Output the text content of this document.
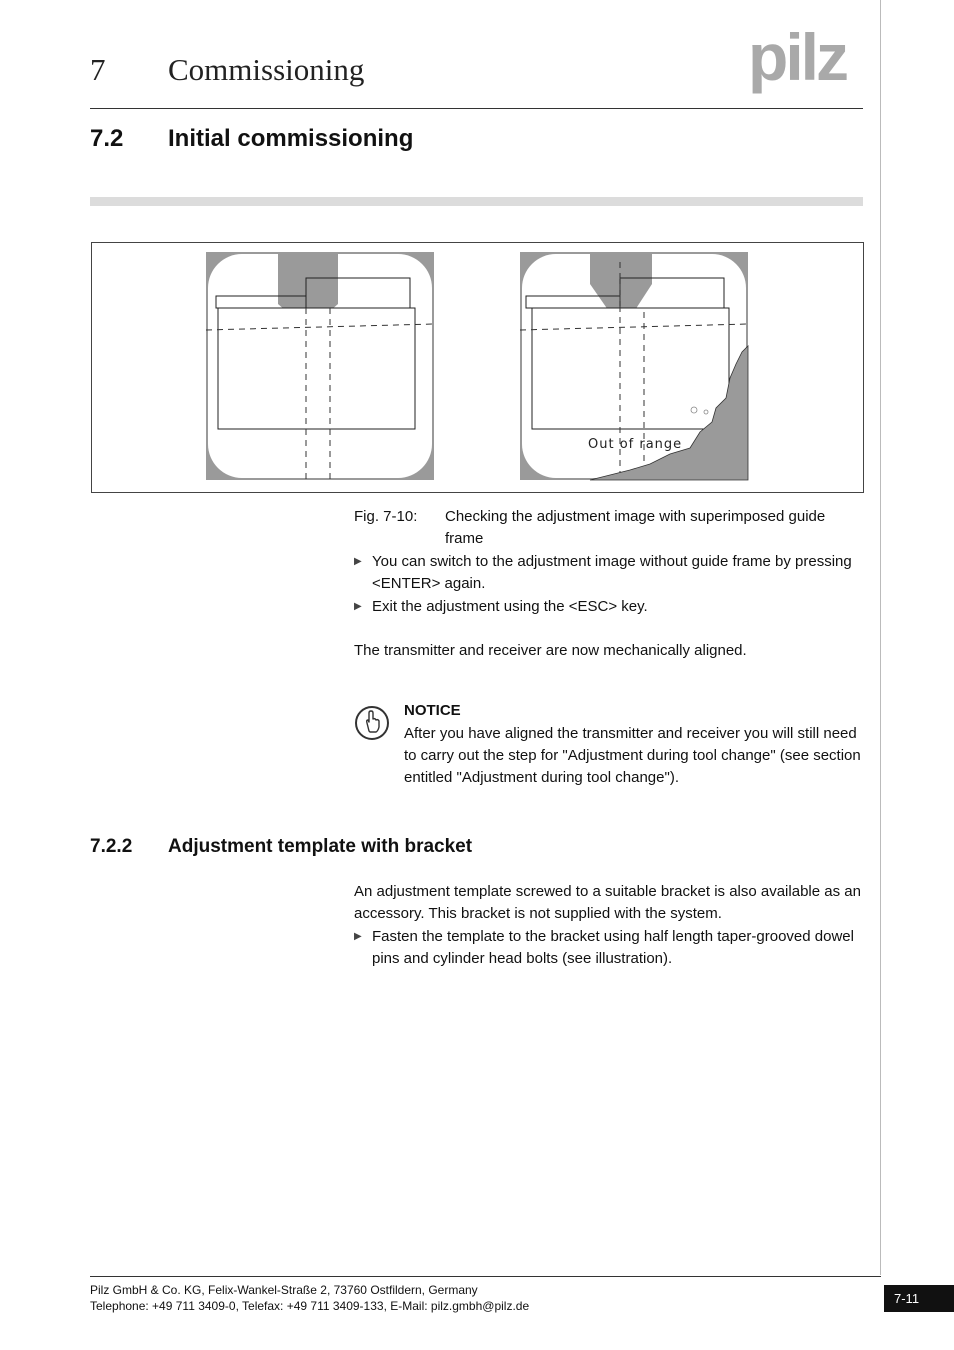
7 Commissioning	pilz
7.2 Initial commissioning
Out of range
Fig. 7-10: Checking the adjustment image with superimposed guide frame
▶ You can switch to the adjustment image without guide frame by pressing <ENTER> again.
▶ Exit the adjustment using the <ESC> key.
The transmitter and receiver are now mechanically aligned.
NOTICE
After you have aligned the transmitter and receiver you will still need to carry out the step for "Adjustment during tool change" (see section entitled "Adjustment during tool change").
7.2.2 Adjustment template with bracket
An adjustment template screwed to a suitable bracket is also available as an accessory. This bracket is not supplied with the system.
▶ Fasten the template to the bracket using half length taper-grooved dowel pins and cylinder head bolts (see illustration).
Pilz GmbH & Co. KG, Felix-Wankel-Straße 2, 73760 Ostfildern, Germany
Telephone: +49 711 3409-0, Telefax: +49 711 3409-133, E-Mail: pilz.gmbh@pilz.de	7-11
